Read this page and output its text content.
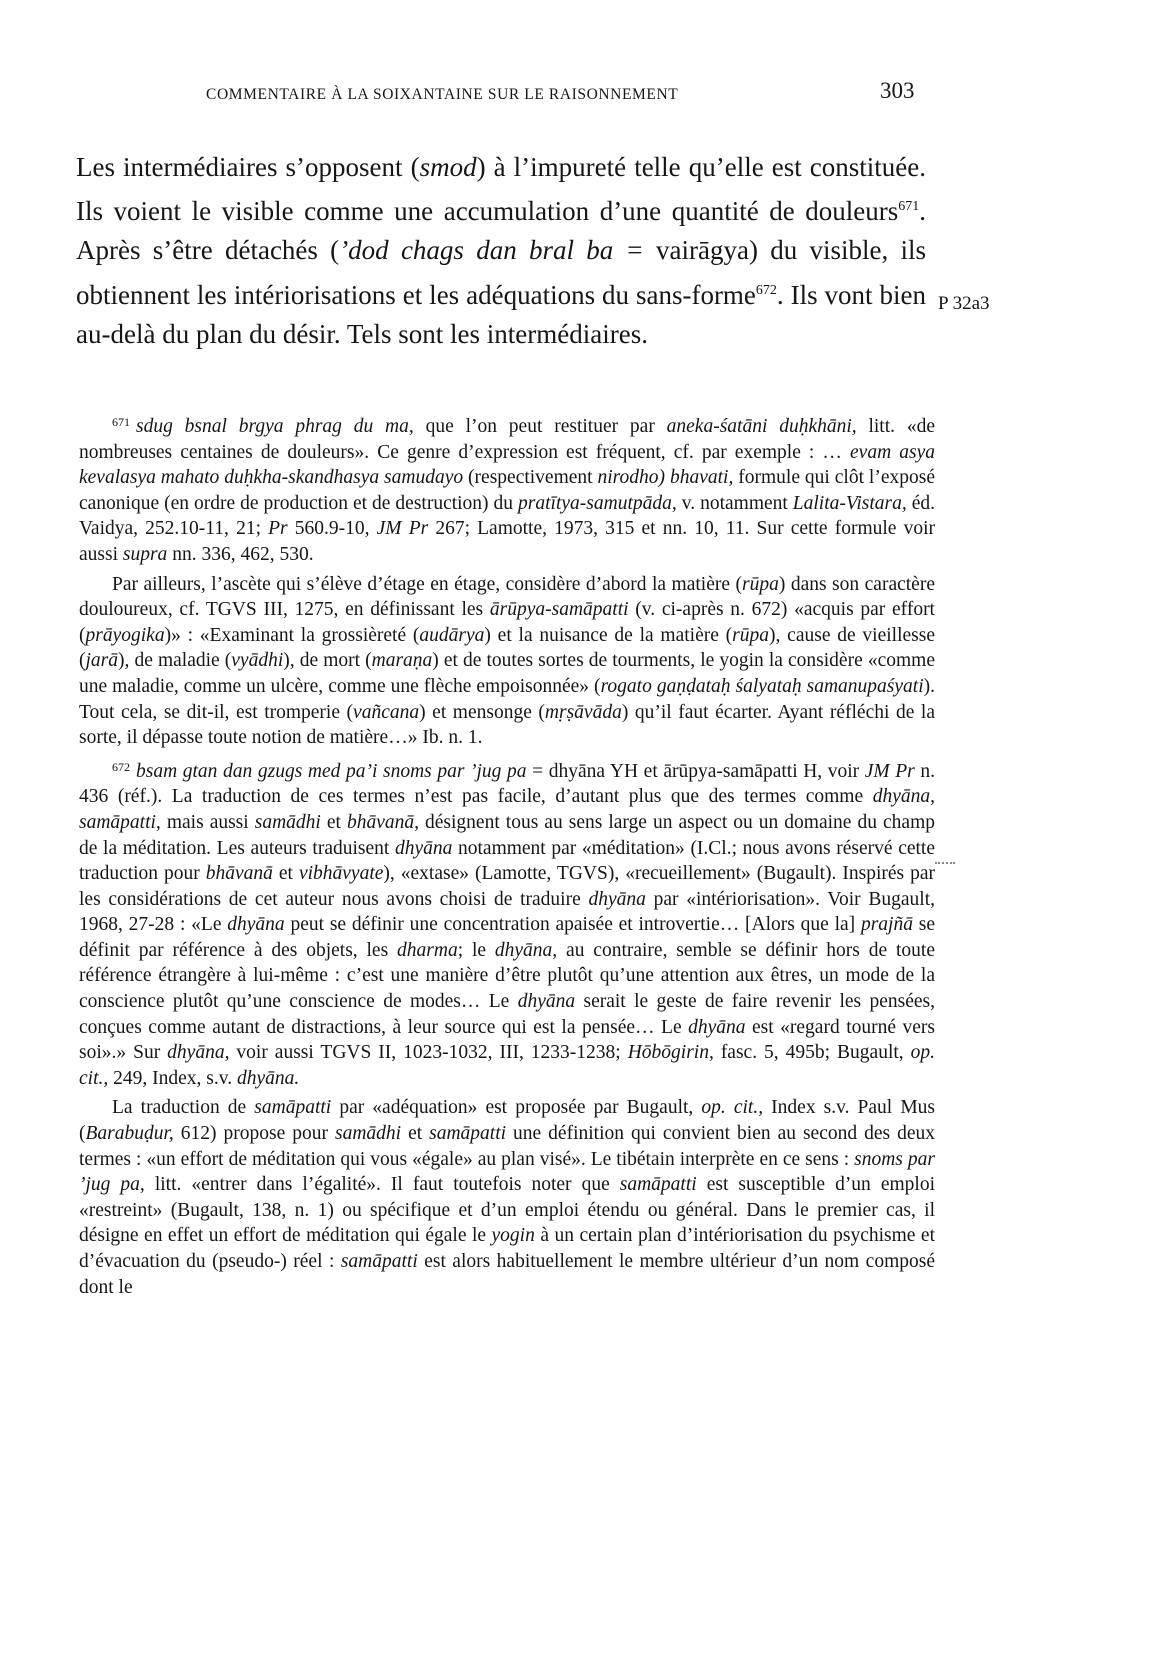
COMMENTAIRE À LA SOIXANTAINE SUR LE RAISONNEMENT	303

Les intermédiaires s’opposent (smod) à l’impureté telle qu’elle est constituée. Ils voient le visible comme une accumulation d’une quantité de douleurs$^{671}$. Après s’être détachés (’dod chags dan bral ba = vairāgya) du visible, ils obtiennent les intériorisations et les adéquations du sans-forme$^{672}$. Ils vont bien au-delà du plan du désir. Tels sont les intermédiaires.

P 32a3

$^{671}$ sdug bsnal brgya phrag du ma, que l’on peut restituer par aneka-śatāni duḥkhāni, litt. «de nombreuses centaines de douleurs». Ce genre d’expression est fréquent, cf. par exemple : … evam asya kevalasya mahato duḥkha-skandhasya samudayo (respectivement nirodho) bhavati, formule qui clôt l’exposé canonique (en ordre de production et de destruction) du pratītya-samutpāda, v. notamment Lalita-Vistara, éd. Vaidya, 252.10-11, 21; Pr 560.9-10, JM Pr 267; Lamotte, 1973, 315 et nn. 10, 11. Sur cette formule voir aussi supra nn. 336, 462, 530.

Par ailleurs, l’ascète qui s’élève d’étage en étage, considère d’abord la matière (rūpa) dans son caractère douloureux, cf. TGVS III, 1275, en définissant les ārūpya-samāpatti (v. ci-après n. 672) «acquis par effort (prāyogika)» : «Examinant la grossièreté (audārya) et la nuisance de la matière (rūpa), cause de vieillesse (jarā), de maladie (vyādhi), de mort (maraṇa) et de toutes sortes de tourments, le yogin la considère «comme une maladie, comme un ulcère, comme une flèche empoisonnée» (rogato gaṇḍataḥ śalyataḥ samanupaśyati). Tout cela, se dit-il, est tromperie (vañcana) et mensonge (mṛṣāvāda) qu’il faut écarter. Ayant réfléchi de la sorte, il dépasse toute notion de matière…» Ib. n. 1.

$^{672}$ bsam gtan dan gzugs med pa’i snoms par ’jug pa = dhyāna YH et ārūpya-samāpatti H, voir JM Pr n. 436 (réf.). La traduction de ces termes n’est pas facile, d’autant plus que des termes comme dhyāna, samāpatti, mais aussi samādhi et bhāvanā, désignent tous au sens large un aspect ou un domaine du champ de la méditation. Les auteurs traduisent dhyāna notamment par «méditation» (I.Cl.; nous avons réservé cette traduction pour bhāvanā et vibhāvyate), «extase» (Lamotte, TGVS), «recueillement» (Bugault). Inspirés par les considérations de cet auteur nous avons choisi de traduire dhyāna par «intériorisation». Voir Bugault, 1968, 27-28 : «Le dhyāna peut se définir une concentration apaisée et introvertie… [Alors que la] prajñā se définit par référence à des objets, les dharma; le dhyāna, au contraire, semble se définir hors de toute référence étrangère à lui-même : c’est une manière d’être plutôt qu’une attention aux êtres, un mode de la conscience plutôt qu’une conscience de modes… Le dhyāna serait le geste de faire revenir les pensées, conçues comme autant de distractions, à leur source qui est la pensée… Le dhyāna est «regard tourné vers soi».» Sur dhyāna, voir aussi TGVS II, 1023-1032, III, 1233-1238; Hōbōgirin, fasc. 5, 495b; Bugault, op. cit., 249, Index, s.v. dhyāna.

La traduction de samāpatti par «adéquation» est proposée par Bugault, op. cit., Index s.v. Paul Mus (Barabuḍur, 612) propose pour samādhi et samāpatti une définition qui convient bien au second des deux termes : «un effort de méditation qui vous «égale» au plan visé». Le tibétain interprète en ce sens : snoms par ’jug pa, litt. «entrer dans l’égalité». Il faut toutefois noter que samāpatti est susceptible d’un emploi «restreint» (Bugault, 138, n. 1) ou spécifique et d’un emploi étendu ou général. Dans le premier cas, il désigne en effet un effort de méditation qui égale le yogin à un certain plan d’intériorisation du psychisme et d’évacuation du (pseudo-) réel : samāpatti est alors habituellement le membre ultérieur d’un nom composé dont le
